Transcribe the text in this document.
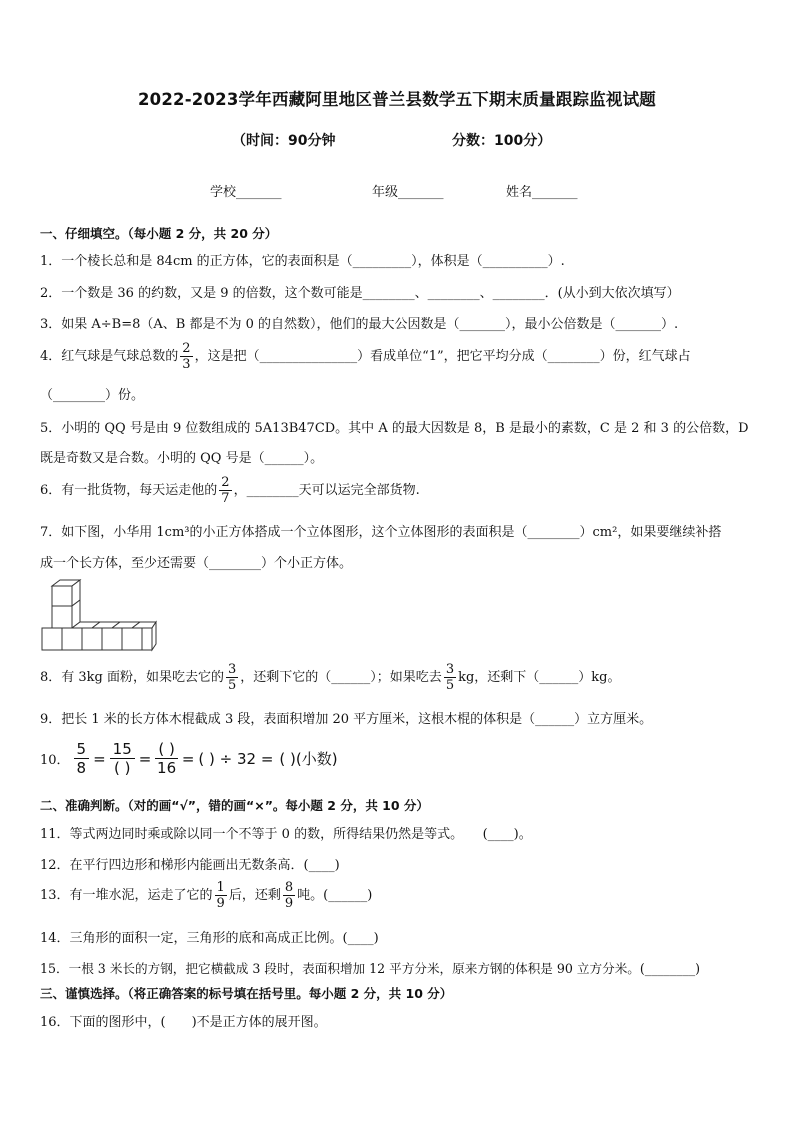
2022-2023学年西藏阿里地区普兰县数学五下期末质量跟踪监视试题
（时间：90分钟	分数：100分）
学校_______	年级_______	姓名_______
一、仔细填空。（每小题 2 分，共 20 分）
1．一个棱长总和是 84cm 的正方体，它的表面积是（_________），体积是（__________）.
2．一个数是 36 的约数，又是 9 的倍数，这个数可能是________、________、________．(从小到大依次填写）
3．如果 A÷B=8（A、B 都是不为 0 的自然数），他们的最大公因数是（_______），最小公倍数是（_______）.
4．红气球是气球总数的 $\frac{2}{3}$ ，这是把（_______________）看成单位“1”，把它平均分成（________）份，红气球占
（________）份。
5．小明的 QQ 号是由 9 位数组成的 5A13B47CD。其中 A 的最大因数是 8，B 是最小的素数，C 是 2 和 3 的公倍数，D
既是奇数又是合数。小明的 QQ 号是（______）。
6．有一批货物，每天运走他的 $\frac{2}{7}$ ，________天可以运完全部货物.
7．如下图，小华用 1cm³的小正方体搭成一个立体图形，这个立体图形的表面积是（________）cm²，如果要继续补搭
成一个长方体，至少还需要（________）个小正方体。
8．有 3kg 面粉，如果吃去它的 $\frac{3}{5}$ ，还剩下它的（______）；如果吃去 $\frac{3}{5}$ kg，还剩下（______）kg。
9．把长 1 米的长方体木棍截成 3 段，表面积增加 20 平方厘米，这根木棍的体积是（______）立方厘米。
10． $\frac{5}{8} = \frac{15}{( )} = \frac{( )}{16}$ = ( ) ÷ 32 = ( )(小数)
二、准确判断。（对的画“√”，错的画“×”。每小题 2 分，共 10 分）
11．等式两边同时乘或除以同一个不等于 0 的数，所得结果仍然是等式。　　(____)。
12．在平行四边形和梯形内能画出无数条高．(____)
13．有一堆水泥，运走了它的 $\frac{1}{9}$ 后，还剩 $\frac{8}{9}$ 吨。(______)
14．三角形的面积一定，三角形的底和高成正比例。(____)
15．一根 3 米长的方钢，把它横截成 3 段时，表面积增加 12 平方分米，原来方钢的体积是 90 立方分米。(________)
三、谨慎选择。（将正确答案的标号填在括号里。每小题 2 分，共 10 分）
16．下面的图形中，(　　)不是正方体的展开图。
